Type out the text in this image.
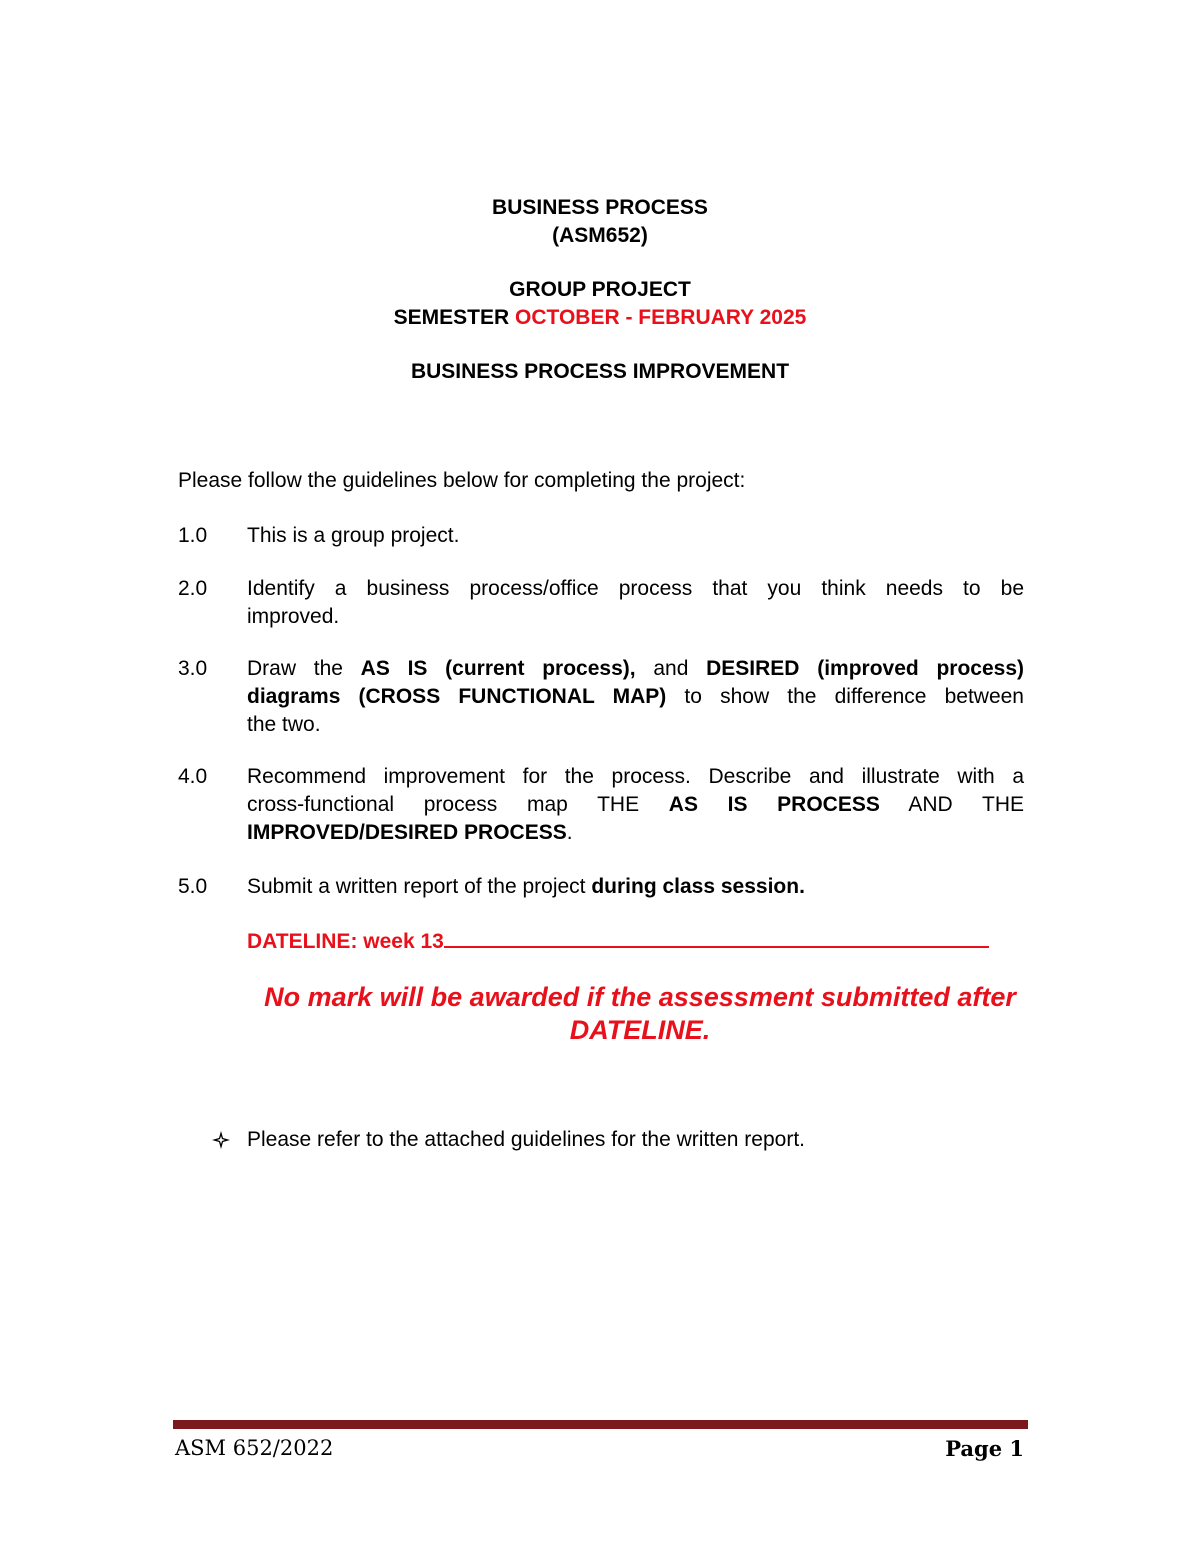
BUSINESS PROCESS
(ASM652)
GROUP PROJECT
SEMESTER OCTOBER - FEBRUARY 2025
BUSINESS PROCESS IMPROVEMENT
Please follow the guidelines below for completing the project:
1.0 This is a group project.
2.0 Identify a business process/office process that you think needs to be
improved.
3.0 Draw the AS IS (current process), and DESIRED (improved process)
diagrams (CROSS FUNCTIONAL MAP) to show the difference between
the two.
4.0 Recommend improvement for the process. Describe and illustrate with a
cross-functional process map THE AS IS PROCESS AND THE
IMPROVED/DESIRED PROCESS.
5.0 Submit a written report of the project during class session.
DATELINE: week 13
No mark will be awarded if the assessment submitted after
DATELINE.
Please refer to the attached guidelines for the written report.
ASM 652/2022	Page 1
